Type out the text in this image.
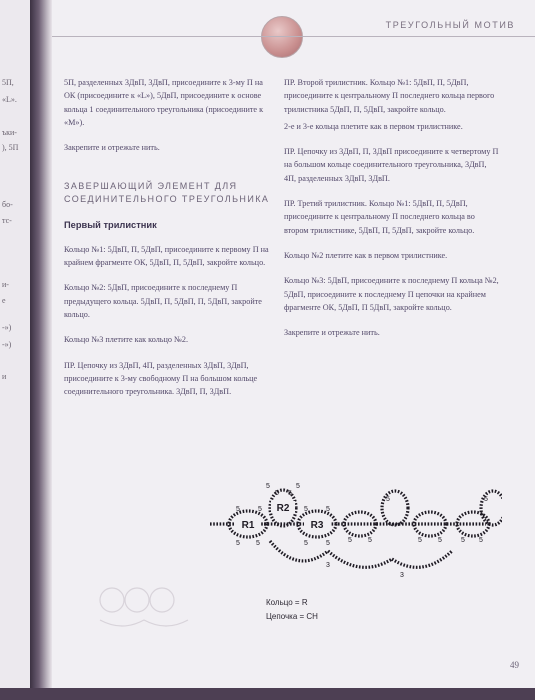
5П,
«L».
ъки-
), 5П
бо-
тс-
и-
е
-»)
-»)
и
ТРЕУГОЛЬНЫЙ МОТИВ

5П, разделенных 3ДвП, 3ДвП, присоедините к 3-му П на ОК (присоедините к «L»), 5ДвП, присоедините к основе кольца 1 соединительного треугольника (присоедините к «M»).

Закрепите и отрежьте нить.

ЗАВЕРШАЮЩИЙ ЭЛЕМЕНТ ДЛЯ СОЕДИНИТЕЛЬНОГО ТРЕУГОЛЬНИКА
Первый трилистник

Кольцо №1: 5ДвП, П, 5ДвП, присоедините к первому П на крайнем фрагменте ОК, 5ДвП, П, 5ДвП, закройте кольцо.

Кольцо №2: 5ДвП, присоедините к последнему П предыдущего кольца. 5ДвП, П, 5ДвП, П, 5ДвП, закройте кольцо.

Кольцо №3 плетите как кольцо №2.

ПР. Цепочку из 3ДвП, 4П, разделенных 3ДвП, 3ДвП, присоедините к 3-му свободному П на большом кольце соединительного треугольника. 3ДвП, П, 3ДвП.

ПР. Второй трилистник. Кольцо №1: 5ДвП, П, 5ДвП, присоедините к центральному П последнего кольца первого трилистника 5ДвП, П, 5ДвП, закройте кольцо.

2-е и 3-е кольца плетите как в первом трилистнике.

ПР. Цепочку из 3ДвП, П, 3ДвП присоедините к четвертому П на большом кольце соединительного треугольника, 3ДвП, 4П, разделенных 3ДвП, 3ДвП.

ПР. Третий трилистник. Кольцо №1: 5ДвП, П, 5ДвП, присоедините к центральному П последнего кольца во втором трилистнике, 5ДвП, П, 5ДвП, закройте кольцо.

Кольцо №2 плетите как в первом трилистнике.

Кольцо №3: 5ДвП, присоедините к последнему П кольца №2, 5ДвП, присоедините к последнему П цепочки на крайнем фрагменте ОК, 5ДвП, П 5ДвП, закройте кольцо.

Закрепите и отрежьте нить.

R1
R2
R3
5	5
5 5
5	5	5	5
5 5	5	5	5 5	5 5	5 5
3
3
5	5
Кольцо = R
Цепочка = CH
49
